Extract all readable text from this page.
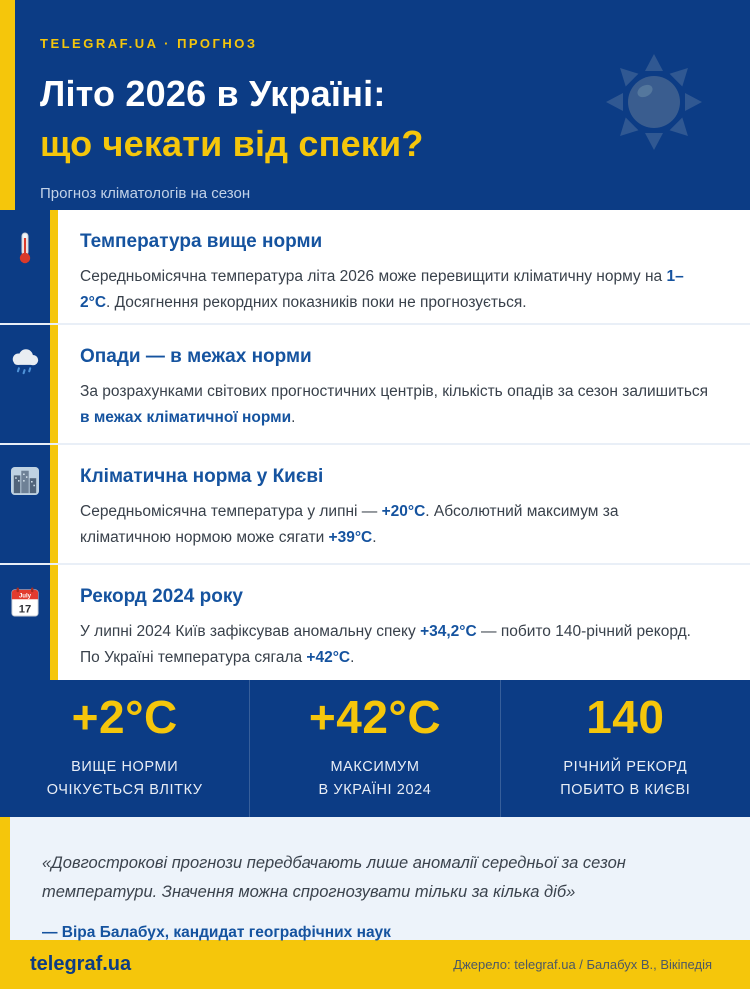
TELEGRAF.UA · ПРОГНОЗ
Літо 2026 в Україні:
що чекати від спеки?
Прогноз кліматологів на сезон
Температура вище норми

Середньомісячна температура літа 2026 може перевищити кліматичну норму на 1–2°С. Досягнення рекордних показників поки не прогнозується.

Опади — в межах норми

За розрахунками світових прогностичних центрів, кількість опадів за сезон залишиться в межах кліматичної норми.

Кліматична норма у Києві

Середньомісячна температура у липні — +20°С. Абсолютний максимум за кліматичною нормою може сягати +39°С.

July
17
Рекорд 2024 року

У липні 2024 Київ зафіксував аномальну спеку +34,2°С — побито 140-річний рекорд. По Україні температура сягала +42°С.

+2°С
ВИЩЕ НОРМИ
ОЧІКУЄТЬСЯ ВЛІТКУ
+42°С
МАКСИМУМ
В УКРАЇНІ 2024
140
РІЧНИЙ РЕКОРД
ПОБИТО В КИЄВІ

«Довгострокові прогнози передбачають лише аномалії середньої за сезон температури. Значення можна спрогнозувати тільки за кілька діб»

— Віра Балабух, кандидат географічних наук

telegraf.ua	Джерело: telegraf.ua / Балабух В., Вікіпедія
